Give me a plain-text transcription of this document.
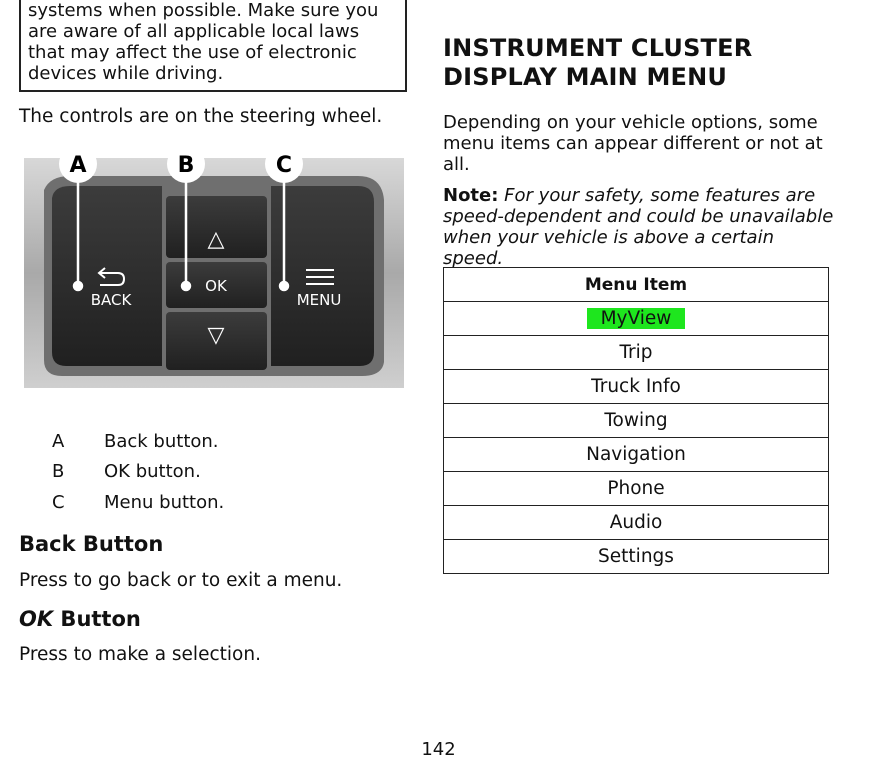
systems when possible. Make sure you

are aware of all applicable local laws

that may affect the use of electronic

devices while driving.

The controls are on the steering wheel.

△
▽
BACK
OK
MENU
A	B	C
A	Back button.
B	OK button.
C	Menu button.
Back Button

Press to go back or to exit a menu.

OK Button

Press to make a selection.

INSTRUMENT CLUSTER
DISPLAY MAIN MENU

Depending on your vehicle options, some menu items can appear different or not at all.

Note: For your safety, some features are speed-dependent and could be unavailable when your vehicle is above a certain speed.

Menu Item
MyView
Trip
Truck Info
Towing
Navigation
Phone
Audio
Settings
142
